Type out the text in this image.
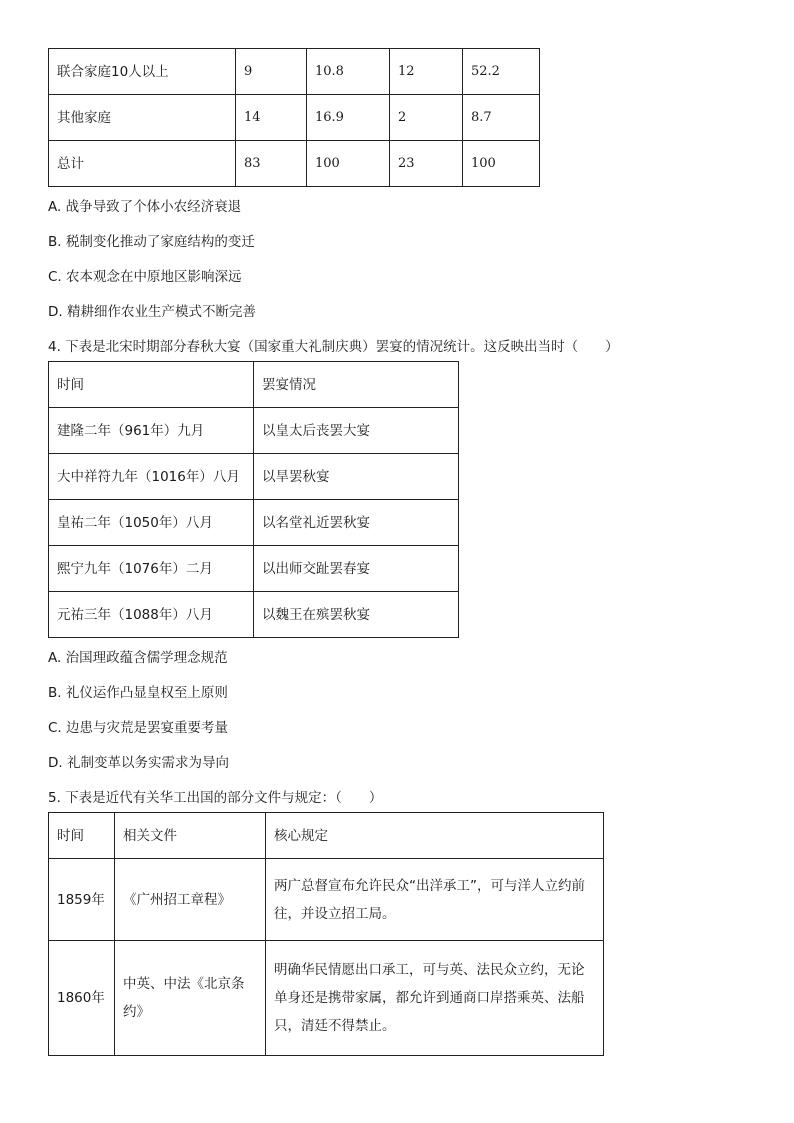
联合家庭10人以上	9	10.8	12	52.2
其他家庭	14	16.9	2	8.7
总计	83	100	23	100
A. 战争导致了个体小农经济衰退
B. 税制变化推动了家庭结构的变迁
C. 农本观念在中原地区影响深远
D. 精耕细作农业生产模式不断完善
4. 下表是北宋时期部分春秋大宴（国家重大礼制庆典）罢宴的情况统计。这反映出当时（　　）
时间	罢宴情况
建隆二年（961年）九月	以皇太后丧罢大宴
大中祥符九年（1016年）八月	以旱罢秋宴
皇祐二年（1050年）八月	以名堂礼近罢秋宴
熙宁九年（1076年）二月	以出师交趾罢春宴
元祐三年（1088年）八月	以魏王在殡罢秋宴
A. 治国理政蕴含儒学理念规范
B. 礼仪运作凸显皇权至上原则
C. 边患与灾荒是罢宴重要考量
D. 礼制变革以务实需求为导向
5. 下表是近代有关华工出国的部分文件与规定：（　　）
时间	相关文件	核心规定
1859年	《广州招工章程》	两广总督宣布允许民众“出洋承工”，可与洋人立约前往，并设立招工局。
1860年	中英、中法《北京条约》	明确华民情愿出口承工，可与英、法民众立约，无论单身还是携带家属，都允许到通商口岸搭乘英、法船只，清廷不得禁止。
